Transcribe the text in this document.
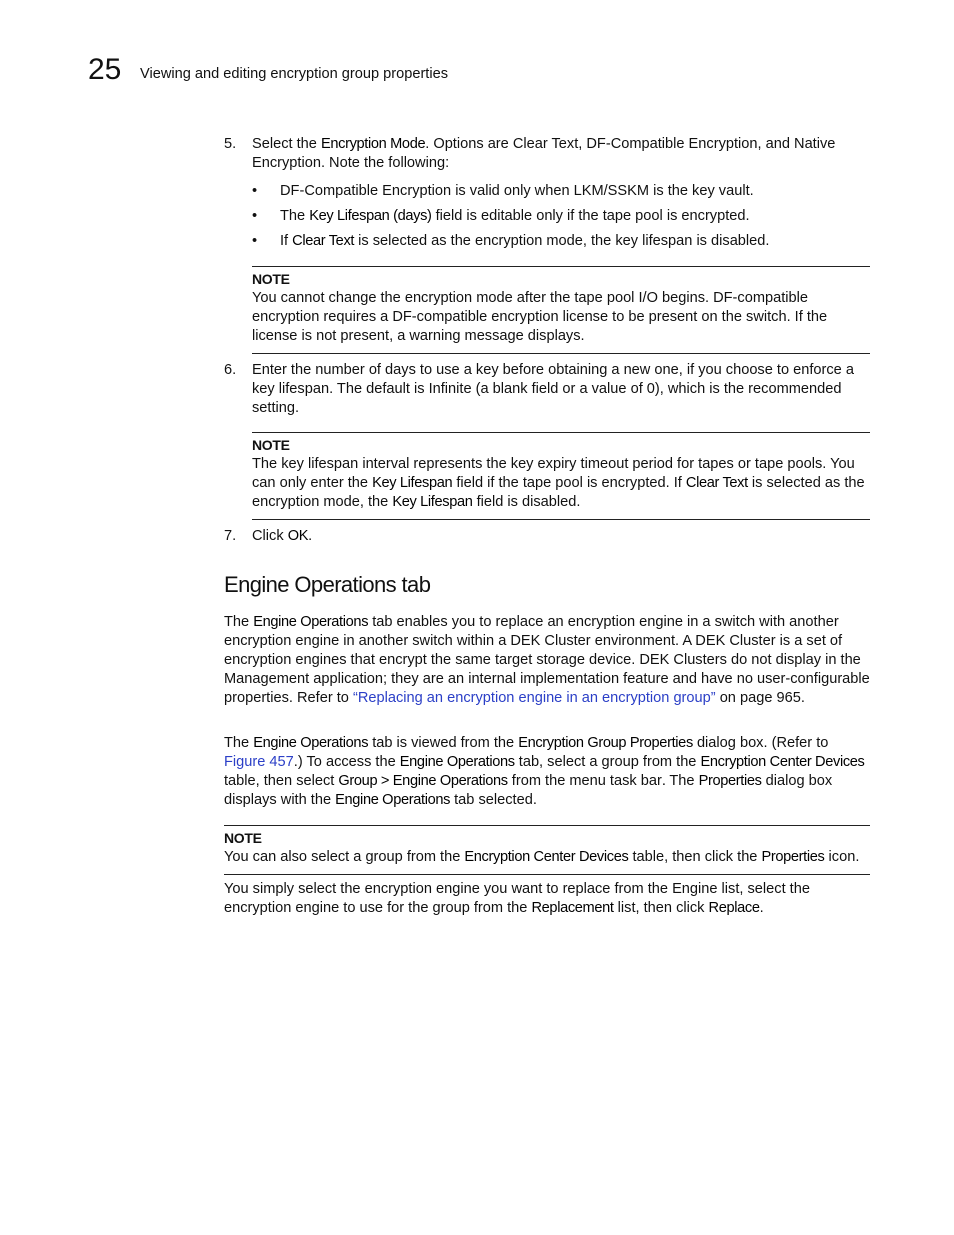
25 Viewing and editing encryption group properties
5. Select the Encryption Mode. Options are Clear Text, DF-Compatible Encryption, and Native Encryption. Note the following:
• DF-Compatible Encryption is valid only when LKM/SSKM is the key vault.
• The Key Lifespan (days) field is editable only if the tape pool is encrypted.
• If Clear Text is selected as the encryption mode, the key lifespan is disabled.
NOTE
You cannot change the encryption mode after the tape pool I/O begins. DF-compatible encryption requires a DF-compatible encryption license to be present on the switch. If the license is not present, a warning message displays.
6. Enter the number of days to use a key before obtaining a new one, if you choose to enforce a key lifespan. The default is Infinite (a blank field or a value of 0), which is the recommended setting.
NOTE
The key lifespan interval represents the key expiry timeout period for tapes or tape pools. You can only enter the Key Lifespan field if the tape pool is encrypted. If Clear Text is selected as the encryption mode, the Key Lifespan field is disabled.
7. Click OK.
Engine Operations tab
The Engine Operations tab enables you to replace an encryption engine in a switch with another encryption engine in another switch within a DEK Cluster environment. A DEK Cluster is a set of encryption engines that encrypt the same target storage device. DEK Clusters do not display in the Management application; they are an internal implementation feature and have no user-configurable properties. Refer to “Replacing an encryption engine in an encryption group” on page 965.
The Engine Operations tab is viewed from the Encryption Group Properties dialog box. (Refer to Figure 457.) To access the Engine Operations tab, select a group from the Encryption Center Devices table, then select Group > Engine Operations from the menu task bar. The Properties dialog box displays with the Engine Operations tab selected.
NOTE
You can also select a group from the Encryption Center Devices table, then click the Properties icon.
You simply select the encryption engine you want to replace from the Engine list, select the encryption engine to use for the group from the Replacement list, then click Replace.
